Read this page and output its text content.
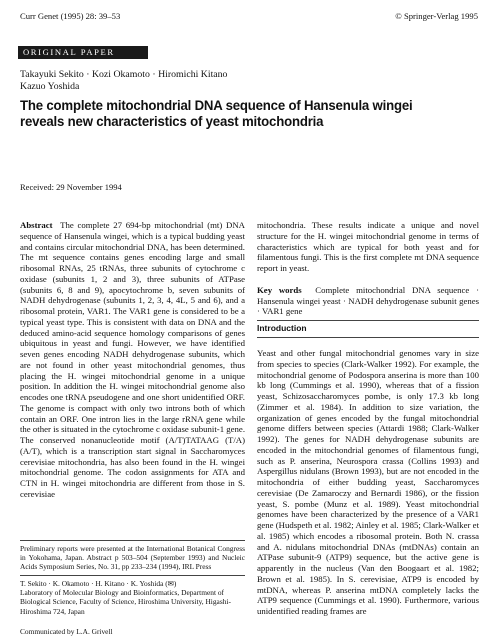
Curr Genet (1995) 28: 39–53	© Springer-Verlag 1995
ORIGINAL PAPER
Takayuki Sekito · Kozi Okamoto · Hiromichi Kitano
Kazuo Yoshida
The complete mitochondrial DNA sequence of Hansenula wingei reveals new characteristics of yeast mitochondria
Received: 29 November 1994

Abstract The complete 27 694-bp mitochondrial (mt) DNA sequence of Hansenula wingei, which is a typical budding yeast and contains circular mitochondrial DNA, has been determined. The mt sequence contains genes encoding large and small ribosomal RNAs, 25 tRNAs, three subunits of cytochrome c oxidase (subunits 1, 2 and 3), three subunits of ATPase (subunits 6, 8 and 9), apocytochrome b, seven subunits of NADH dehydrogenase (subunits 1, 2, 3, 4, 4L, 5 and 6), and a ribosomal protein, VAR1. The VAR1 gene is considered to be a typical yeast type. This is consistent with data on DNA and the deduced amino-acid sequence homology comparisons of genes ubiquitous in yeast and fungi. However, we have identified seven genes encoding NADH dehydrogenase subunits, which are not found in other yeast mitochondrial genomes, thus placing the H. wingei mitochondrial genome in a unique position. In addition the H. wingei mitochondrial genome also encodes one tRNA pseudogene and one short unidentified ORF. The genome is compact with only two introns both of which contain an ORF. One intron lies in the large rRNA gene while the other is situated in the cytochrome c oxidase subunit-1 gene. The conserved nonanucleotide motif (A/T)TATAAG (T/A)(A/T), which is a transcription start signal in Saccharomyces cerevisiae mitochondria, has also been found in the H. wingei mitochondrial genome. The codon assignments for ATA and CTN in H. wingei mitochondria are different from those in S. cerevisiae

Preliminary reports were presented at the International Botanical Congress in Yokohama, Japan. Abstract p 503–504 (September 1993) and Nucleic Acids Symposium Series, No. 31, pp 233–234 (1994), IRL Press
T. Sekito · K. Okamoto · H. Kitano · K. Yoshida (✉)
Laboratory of Molecular Biology and Bioinformatics, Department of Biological Science, Faculty of Science, Hiroshima University, Higashi-Hiroshima 724, Japan
Communicated by L.A. Grivell

mitochondria. These results indicate a unique and novel structure for the H. wingei mitochondrial genome in terms of characteristics which are typical for both yeast and for filamentous fungi. This is the first complete mt DNA sequence report in yeast.

Key words Complete mitochondrial DNA sequence · Hansenula wingei yeast · NADH dehydrogenase subunit genes · VAR1 gene

Introduction

Yeast and other fungal mitochondrial genomes vary in size from species to species (Clark-Walker 1992). For example, the mitochondrial genome of Podospora anserina is more than 100 kb long (Cummings et al. 1990), whereas that of a fission yeast, Schizosaccharomyces pombe, is only 17.3 kb long (Zimmer et al. 1984). In addition to size variation, the organization of genes encoded by the fungal mitochondrial genome differs between species (Attardi 1988; Clark-Walker 1992). The genes for NADH dehydrogenase subunits are encoded in the mitochondrial genomes of filamentous fungi, such as P. anserina, Neurospora crassa (Collins 1993) and Aspergillus nidulans (Brown 1993), but are not encoded in the mitochondria of either budding yeast, Saccharomyces cerevisiae (De Zamaroczy and Bernardi 1986), or the fission yeast, S. pombe (Munz et al. 1989). Yeast mitochondrial genomes have been characterized by the presence of a VAR1 gene (Hudspeth et al. 1982; Ainley et al. 1985; Clark-Walker et al. 1985) which encodes a ribosomal protein. Both N. crassa and A. nidulans mitochondrial DNAs (mtDNAs) contain an ATPase subunit-9 (ATP9) sequence, but the active gene is apparently in the nucleus (Van den Boogaart et al. 1982; Brown et al. 1985). In S. cerevisiae, ATP9 is encoded by mtDNA, whereas P. anserina mtDNA completely lacks the ATP9 sequence (Cummings et al. 1990). Furthermore, various unidentified reading frames are
